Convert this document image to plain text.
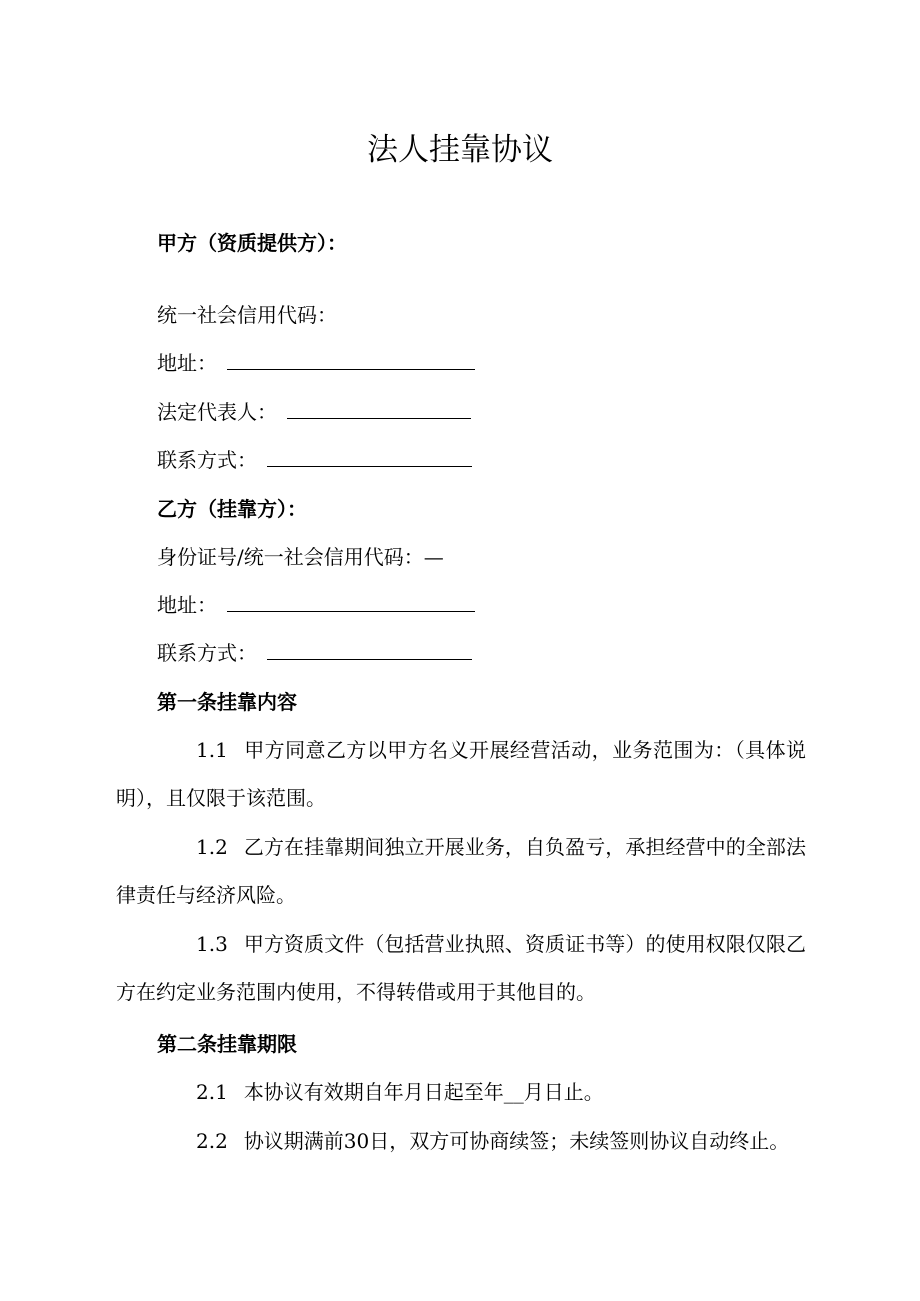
法人挂靠协议
甲方（资质提供方）：
统一社会信用代码：
地址：
法定代表人：
联系方式：
乙方（挂靠方）：
身份证号/统一社会信用代码：—
地址：
联系方式：
第一条挂靠内容
1.1 甲方同意乙方以甲方名义开展经营活动，业务范围为：（具体说明），且仅限于该范围。
1.2 乙方在挂靠期间独立开展业务，自负盈亏，承担经营中的全部法律责任与经济风险。
1.3 甲方资质文件（包括营业执照、资质证书等）的使用权限仅限乙方在约定业务范围内使用，不得转借或用于其他目的。
第二条挂靠期限
2.1 本协议有效期自年月日起至年__月日止。
2.2 协议期满前30日，双方可协商续签；未续签则协议自动终止。
